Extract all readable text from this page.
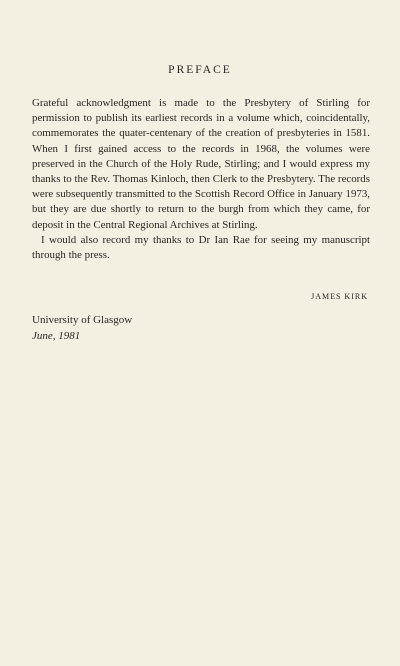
PREFACE

Grateful acknowledgment is made to the Presbytery of Stirling for permission to publish its earliest records in a volume which, coincidentally, commemorates the quater-centenary of the creation of presbyteries in 1581. When I first gained access to the records in 1968, the volumes were preserved in the Church of the Holy Rude, Stirling; and I would express my thanks to the Rev. Thomas Kinloch, then Clerk to the Presbytery. The records were subsequently transmitted to the Scottish Record Office in January 1973, but they are due shortly to return to the burgh from which they came, for deposit in the Central Regional Archives at Stirling.

I would also record my thanks to Dr Ian Rae for seeing my manuscript through the press.

JAMES KIRK
University of Glasgow
June, 1981
